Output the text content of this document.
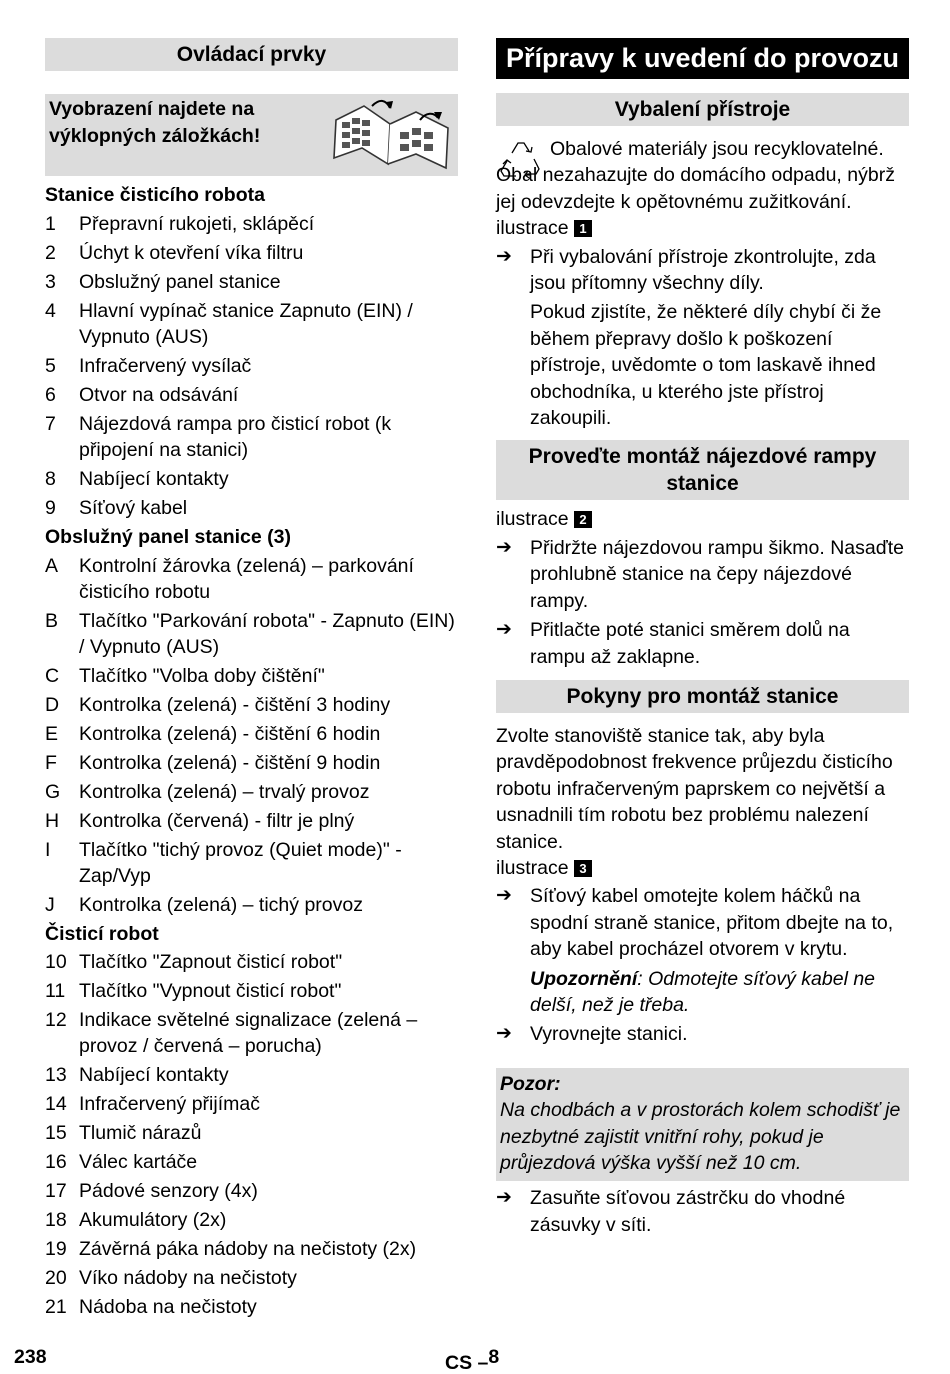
Ovládací prvky
Vyobrazení najdete na výklopných záložkách!
Stanice čisticího robota
1	Přepravní rukojeti, sklápěcí
2	Úchyt k otevření víka filtru
3	Obslužný panel stanice
4	Hlavní vypínač stanice Zapnuto (EIN) / Vypnuto (AUS)
5	Infračervený vysílač
6	Otvor na odsávání
7	Nájezdová rampa pro čisticí robot (k připojení na stanici)
8	Nabíjecí kontakty
9	Síťový kabel
Obslužný panel stanice (3)
A	Kontrolní žárovka (zelená) – parkování čisticího robotu
B	Tlačítko "Parkování robota" - Zapnuto (EIN) / Vypnuto (AUS)
C	Tlačítko "Volba doby čištění"
D	Kontrolka (zelená) - čištění 3 hodiny
E	Kontrolka (zelená) - čištění 6 hodin
F	Kontrolka (zelená) - čištění 9 hodin
G Kontrolka (zelená) – trvalý provoz
H	Kontrolka (červená) - filtr je plný
I	Tlačítko "tichý provoz (Quiet mode)" - Zap/Vyp
J	Kontrolka (zelená) – tichý provoz
Čisticí robot
10 Tlačítko "Zapnout čisticí robot"
11 Tlačítko "Vypnout čisticí robot"
12 Indikace světelné signalizace (zelená – provoz / červená – porucha)
13 Nabíjecí kontakty
14 Infračervený přijímač
15 Tlumič nárazů
16 Válec kartáče
17 Pádové senzory (4x)
18 Akumulátory (2x)
19 Závěrná páka nádoby na nečistoty (2x)
20 Víko nádoby na nečistoty
21 Nádoba na nečistoty
Přípravy k uvedení do provozu
Vybalení přístroje
Obalové materiály jsou recyklovatelné. Obal nezahazujte do domácího odpadu, nýbrž jej odevzdejte k opětovnému zužitkování.
ilustrace 1
➔ Při vybalování přístroje zkontrolujte, zda jsou přítomny všechny díly.
Pokud zjistíte, že některé díly chybí či že během přepravy došlo k poškození přístroje, uvědomte o tom laskavě ihned obchodníka, u kterého jste přístroj zakoupili.
Proveďte montáž nájezdové rampy stanice
ilustrace 2
➔ Přidržte nájezdovou rampu šikmo. Nasaďte prohlubně stanice na čepy nájezdové rampy.
➔ Přitlačte poté stanici směrem dolů na rampu až zaklapne.
Pokyny pro montáž stanice
Zvolte stanoviště stanice tak, aby byla pravděpodobnost frekvence průjezdu čisticího robotu infračerveným paprskem co největší a usnadnili tím robotu bez problému nalezení stanice.
ilustrace 3
➔ Síťový kabel omotejte kolem háčků na spodní straně stanice, přitom dbejte na to, aby kabel procházel otvorem v krytu.
Upozornění: Odmotejte síťový kabel ne delší, než je třeba.
➔ Vyrovnejte stanici.
Pozor:
Na chodbách a v prostorách kolem schodišť je nezbytné zajistit vnitřní rohy, pokud je průjezdová výška vyšší než 10 cm.
➔ Zasuňte síťovou zástrčku do vhodné zásuvky v síti.
238	CS –$^8$
